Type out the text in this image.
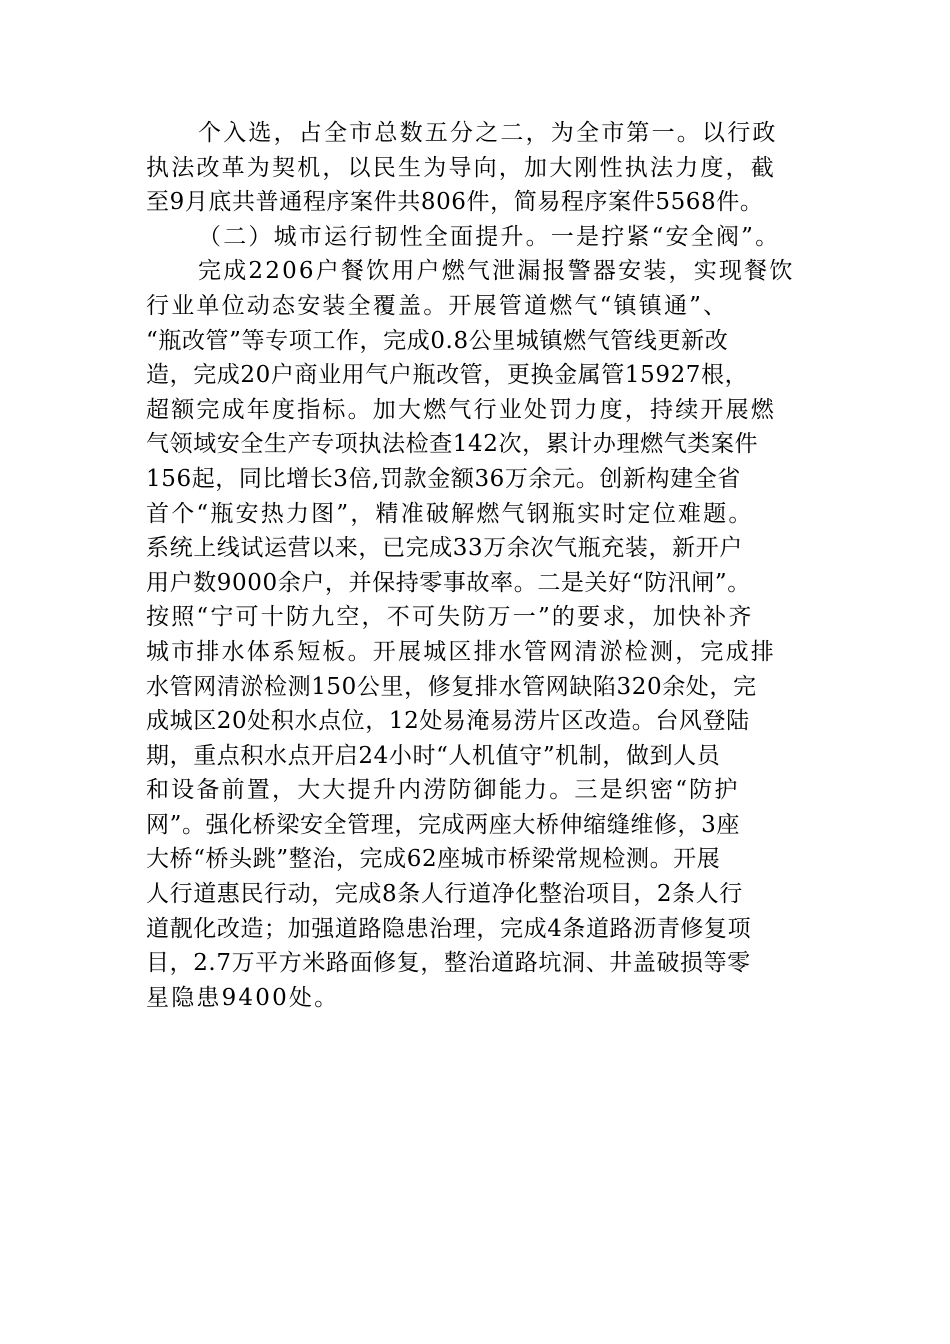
个入选，占全市总数五分之二，为全市第一。以行政
执法改革为契机，以民生为导向，加大刚性执法力度，截
至9月底共普通程序案件共806件，简易程序案件5568件。
（二）城市运行韧性全面提升。一是拧紧“安全阀”。
完成2206户餐饮用户燃气泄漏报警器安装，实现餐饮
行业单位动态安装全覆盖。开展管道燃气“镇镇通”、
“瓶改管”等专项工作，完成0.8公里城镇燃气管线更新改
造，完成20户商业用气户瓶改管，更换金属管15927根，
超额完成年度指标。加大燃气行业处罚力度，持续开展燃
气领域安全生产专项执法检查142次，累计办理燃气类案件
156起，同比增长3倍,罚款金额36万余元。创新构建全省
首个“瓶安热力图”，精准破解燃气钢瓶实时定位难题。
系统上线试运营以来，已完成33万余次气瓶充装，新开户
用户数9000余户，并保持零事故率。二是关好“防汛闸”。
按照“宁可十防九空，不可失防万一”的要求，加快补齐
城市排水体系短板。开展城区排水管网清淤检测，完成排
水管网清淤检测150公里，修复排水管网缺陷320余处，完
成城区20处积水点位，12处易淹易涝片区改造。台风登陆
期，重点积水点开启24小时“人机值守”机制，做到人员
和设备前置，大大提升内涝防御能力。三是织密“防护
网”。强化桥梁安全管理，完成两座大桥伸缩缝维修，3座
大桥“桥头跳”整治，完成62座城市桥梁常规检测。开展
人行道惠民行动，完成8条人行道净化整治项目，2条人行
道靓化改造；加强道路隐患治理，完成4条道路沥青修复项
目，2.7万平方米路面修复，整治道路坑洞、井盖破损等零
星隐患9400处。
